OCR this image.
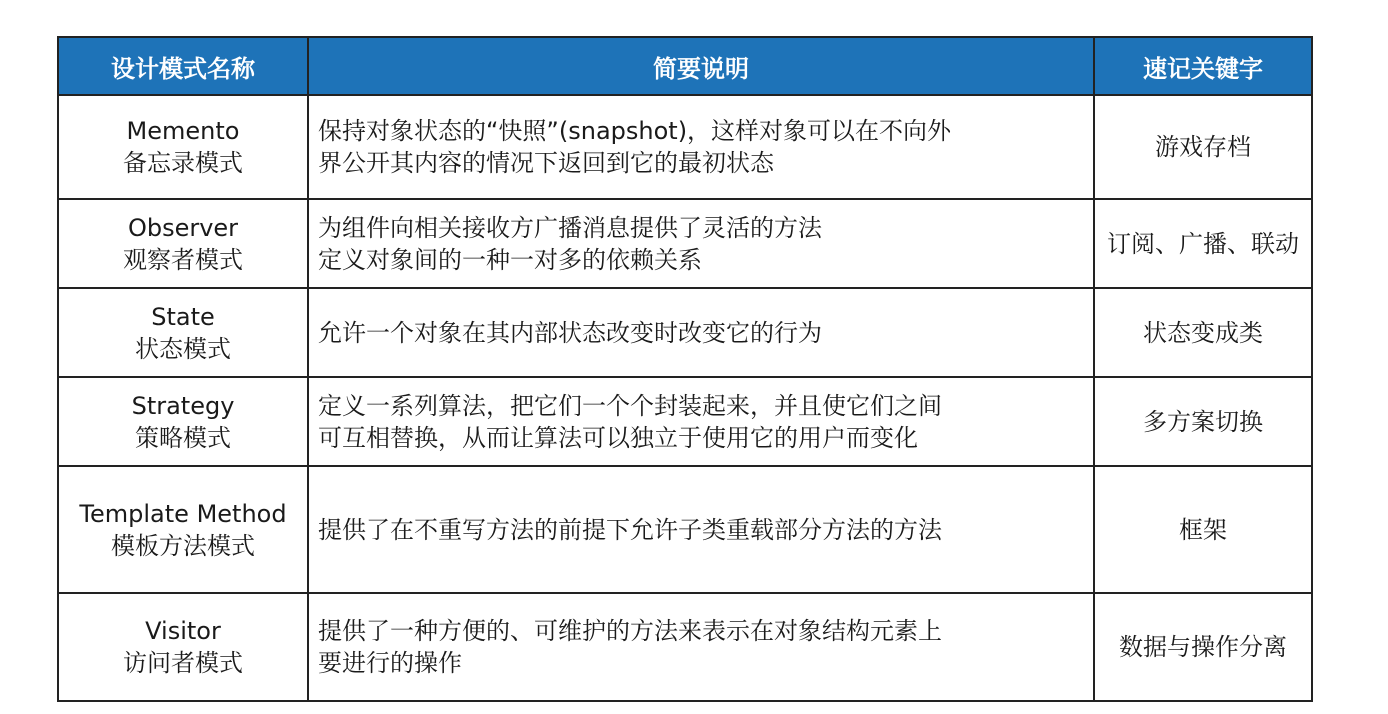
设计模式名称	简要说明	速记关键字

Memento
备忘录模式	保持对象状态的“快照”(snapshot)，这样对象可以在不向外
界公开其内容的情况下返回到它的最初状态	游戏存档

Observer
观察者模式	为组件向相关接收方广播消息提供了灵活的方法
定义对象间的一种一对多的依赖关系	订阅、广播、联动

State
状态模式	允许一个对象在其内部状态改变时改变它的行为	状态变成类

Strategy
策略模式	定义一系列算法，把它们一个个封装起来，并且使它们之间
可互相替换，从而让算法可以独立于使用它的用户而变化	多方案切换

Template Method
模板方法模式	提供了在不重写方法的前提下允许子类重载部分方法的方法	框架

Visitor
访问者模式	提供了一种方便的、可维护的方法来表示在对象结构元素上
要进行的操作	数据与操作分离
